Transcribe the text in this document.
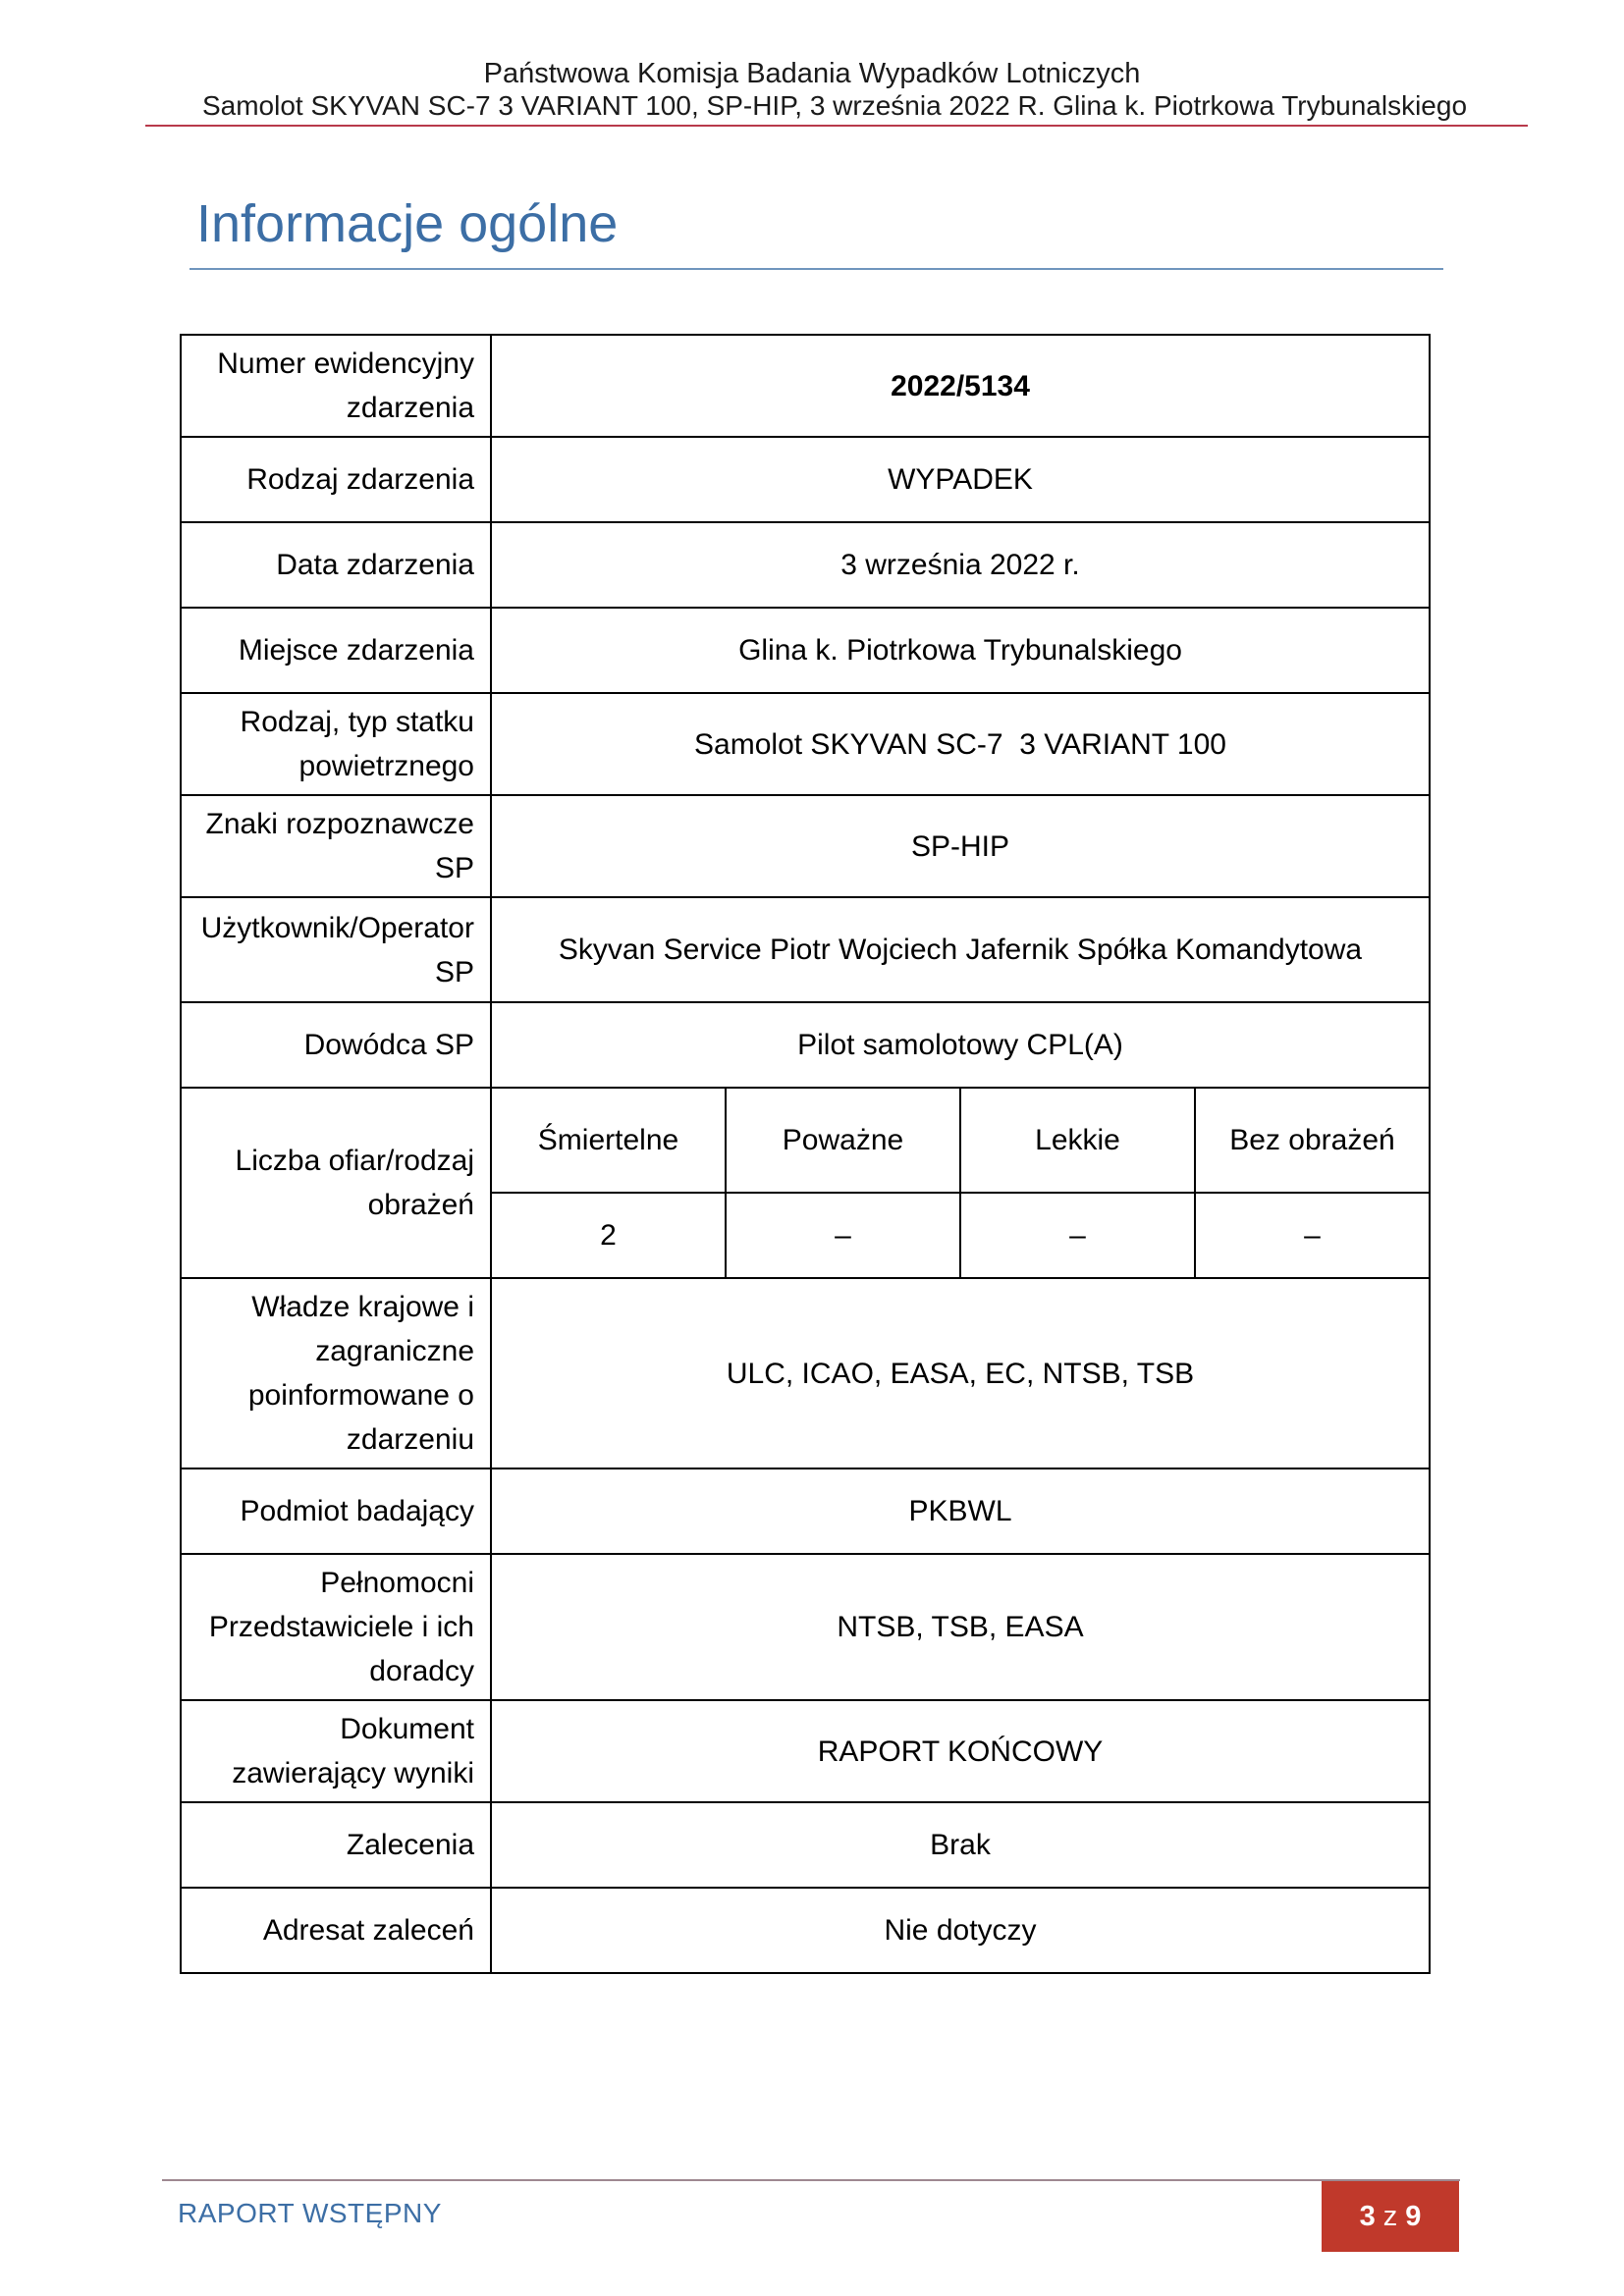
Państwowa Komisja Badania Wypadków Lotniczych
Samolot SKYVAN SC-7 3 VARIANT 100, SP-HIP, 3 września 2022 R. Glina k. Piotrkowa Trybunalskiego
Informacje ogólne
Numer ewidencyjny zdarzenia	2022/5134			
Rodzaj zdarzenia	WYPADEK			
Data zdarzenia	3 września 2022 r.			
Miejsce zdarzenia	Glina k. Piotrkowa Trybunalskiego			
Rodzaj, typ statku powietrznego	Samolot SKYVAN SC-7  3 VARIANT 100			
Znaki rozpoznawcze SP	SP-HIP			
Użytkownik/Operator SP	Skyvan Service Piotr Wojciech Jafernik Spółka Komandytowa			
Dowódca SP	Pilot samolotowy CPL(A)			
Liczba ofiar/rodzaj obrażeń	Śmiertelne	Poważne	Lekkie	Bez obrażeń
	2	–	–	–
Władze krajowe i zagraniczne poinformowane o zdarzeniu	ULC, ICAO, EASA, EC, NTSB, TSB			
Podmiot badający	PKBWL			
Pełnomocni Przedstawiciele i ich doradcy	NTSB, TSB, EASA			
Dokument zawierający wyniki	RAPORT KOŃCOWY			
Zalecenia	Brak			
Adresat zaleceń	Nie dotyczy			
RAPORT WSTĘPNY	3 z 9
